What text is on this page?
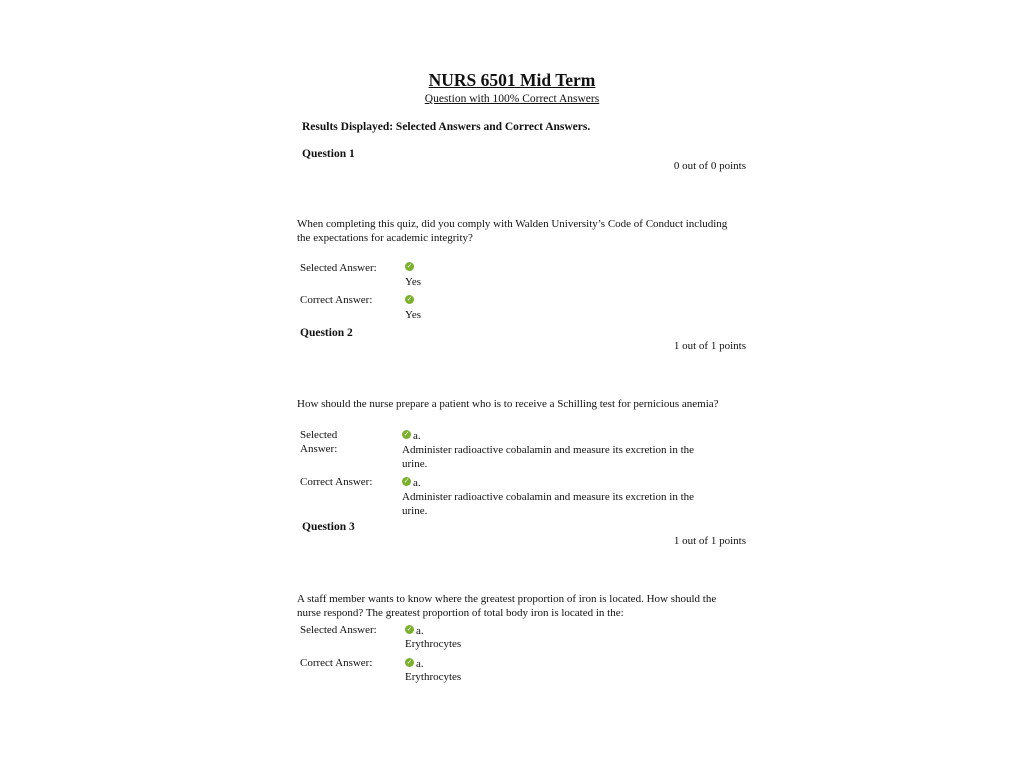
NURS 6501 Mid Term
Question with 100% Correct Answers
Results Displayed: Selected Answers and Correct Answers.
Question 1
0 out of 0 points
When completing this quiz, did you comply with Walden University’s Code of Conduct including the expectations for academic integrity?
Selected Answer:	✓
Yes
Correct Answer:	✓
Yes
Question 2
1 out of 1 points
How should the nurse prepare a patient who is to receive a Schilling test for pernicious anemia?
Selected
Answer:
✓ a.
Administer radioactive cobalamin and measure its excretion in the urine.
Correct Answer:	✓ a.
Administer radioactive cobalamin and measure its excretion in the urine.
Question 3
1 out of 1 points
A staff member wants to know where the greatest proportion of iron is located. How should the nurse respond? The greatest proportion of total body iron is located in the:
Selected Answer:	✓ a.
Erythrocytes
Correct Answer:	✓ a.
Erythrocytes
